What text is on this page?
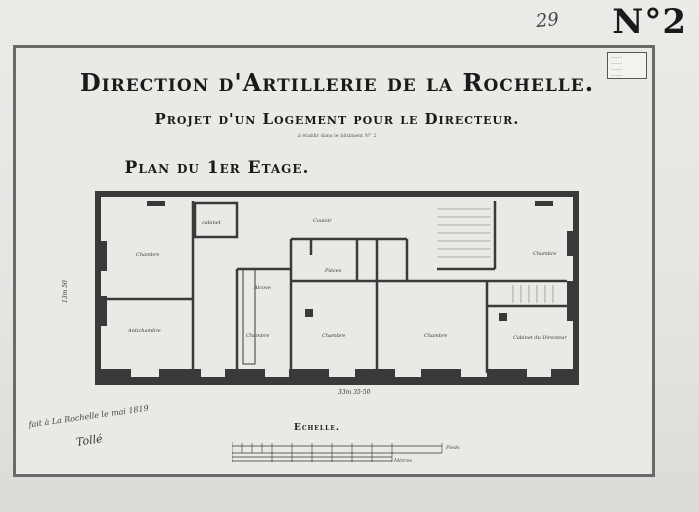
29 N°2
·······
·······
·······
·······
Direction d'Artillerie de la Rochelle.
Projet d'un Logement pour le Directeur.
à établir dans le bâtiment N° 2
Plan du 1er Etage.
Couloir
cabinet
Chambre
Antichambre
Alcove
Chambre
Pièces
Chambre	Chambre
Chambre
Cabinet du Directeur
33m 35·50
13m 50
Echelle.
Pieds
Mètres
fait à La Rochelle le mai 1819
Tollé
